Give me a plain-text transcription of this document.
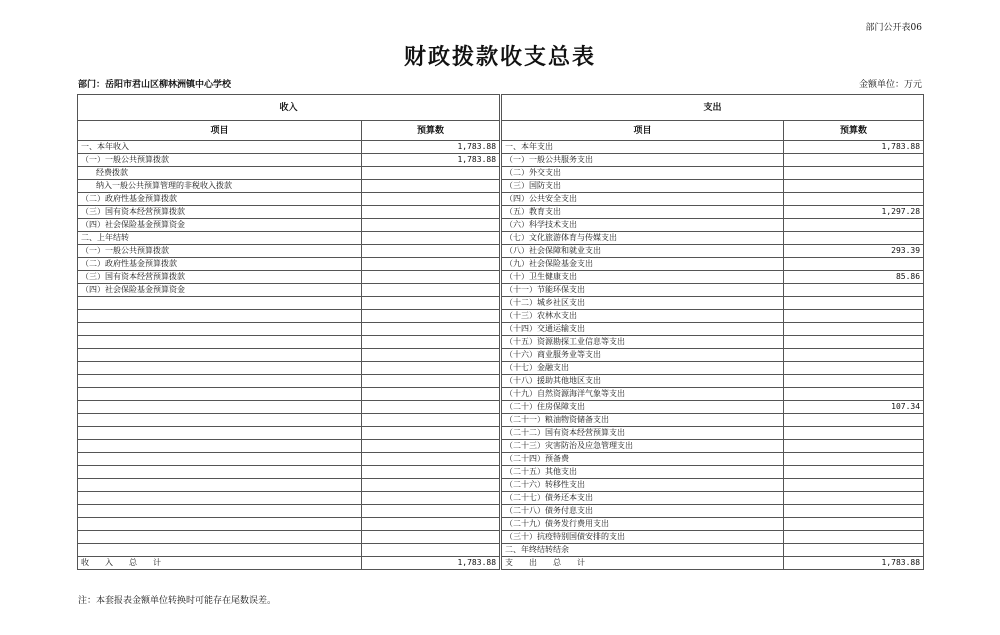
部门公开表06
财政拨款收支总表
部门：岳阳市君山区柳林洲镇中心学校	金额单位：万元
收入			支出	
项目	预算数		项目	预算数
一、本年收入	1,783.88		一、本年支出	1,783.88
（一）一般公共预算拨款	1,783.88		（一）一般公共服务支出	
经费拨款			（二）外交支出	
纳入一般公共预算管理的非税收入拨款			（三）国防支出	
（二）政府性基金预算拨款			（四）公共安全支出	
（三）国有资本经营预算拨款			（五）教育支出	1,297.28
（四）社会保险基金预算资金			（六）科学技术支出	
二、上年结转			（七）文化旅游体育与传媒支出	
（一）一般公共预算拨款			（八）社会保障和就业支出	293.39
（二）政府性基金预算拨款			（九）社会保险基金支出	
（三）国有资本经营预算拨款			（十）卫生健康支出	85.86
（四）社会保险基金预算资金			（十一）节能环保支出	
			（十二）城乡社区支出	
			（十三）农林水支出	
			（十四）交通运输支出	
			（十五）资源勘探工业信息等支出	
			（十六）商业服务业等支出	
			（十七）金融支出	
			（十八）援助其他地区支出	
			（十九）自然资源海洋气象等支出	
			（二十）住房保障支出	107.34
			（二十一）粮油物资储备支出	
			（二十二）国有资本经营预算支出	
			（二十三）灾害防治及应急管理支出	
			（二十四）预备费	
			（二十五）其他支出	
			（二十六）转移性支出	
			（二十七）债务还本支出	
			（二十八）债务付息支出	
			（二十九）债务发行费用支出	
			（三十）抗疫特别国债安排的支出	
			二、年终结转结余	
收　　入　　总　　计	1,783.88		支　　出　　总　　计	1,783.88
注：本套报表金额单位转换时可能存在尾数误差。
